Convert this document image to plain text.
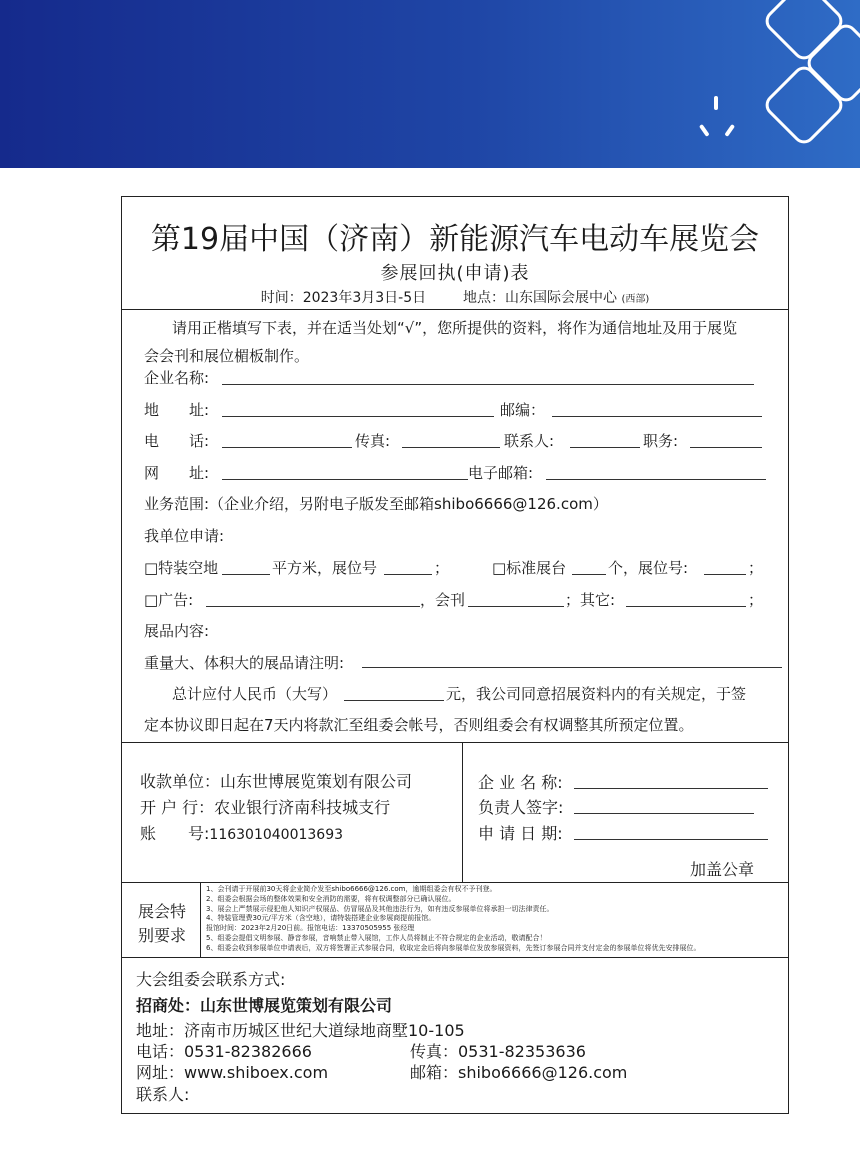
第19届中国（济南）新能源汽车电动车展览会
参展回执(申请)表
时间：2023年3月3日-5日	地点：山东国际会展中心 (西部)
请用正楷填写下表，并在适当处划“√”，您所提供的资料，将作为通信地址及用于展览
会会刊和展位楣板制作。
企业名称:
地　　址:	邮编：
电　　话:	传真:	联系人:	职务:
网　　址:	电子邮箱:
业务范围:（企业介绍，另附电子版发至邮箱shibo6666@126.com）
我单位申请:
□特装空地	平方米，展位号	；	□标准展台	个，展位号:	；
□广告:	，会刊	；其它:	；
展品内容:
重量大、体积大的展品请注明:
总计应付人民币（大写）	元，我公司同意招展资料内的有关规定，于签
定本协议即日起在7天内将款汇至组委会帐号，否则组委会有权调整其所预定位置。
收款单位：山东世博展览策划有限公司
开 户 行：农业银行济南科技城支行
账　　号:116301040013693
企 业 名 称:
负责人签字:
申 请 日 期:
加盖公章
展会特
别要求
1、会刊请于开展前30天将企业简介发至shibo6666@126.com，逾期组委会有权不予刊登。
2、组委会根据会场的整体效果和安全消防的需要，将有权调整部分已确认展位。
3、展会上严禁展示侵犯他人知识产权展品、仿冒展品及其他违法行为，如有违反参展单位将承担一切法律责任。
4、特装管理费30元/平方米（含空地），请特装搭建企业参展商提前报馆。
报馆时间：2023年2月20日前。报馆电话：13370505955 张经理
5、组委会提倡文明参展、静音参展，音响禁止带入展馆，工作人员将制止不符合规定的企业活动，敬请配合！
6、组委会收到参展单位申请表后，双方将签署正式参展合同，收取定金后将向参展单位发放参展资料，先签订参展合同并支付定金的参展单位将优先安排展位。
大会组委会联系方式:
招商处：山东世博展览策划有限公司
地址：济南市历城区世纪大道绿地商墅10-105
电话：0531-82382666	传真：0531-82353636
网址：www.shiboex.com	邮箱：shibo6666@126.com
联系人:
